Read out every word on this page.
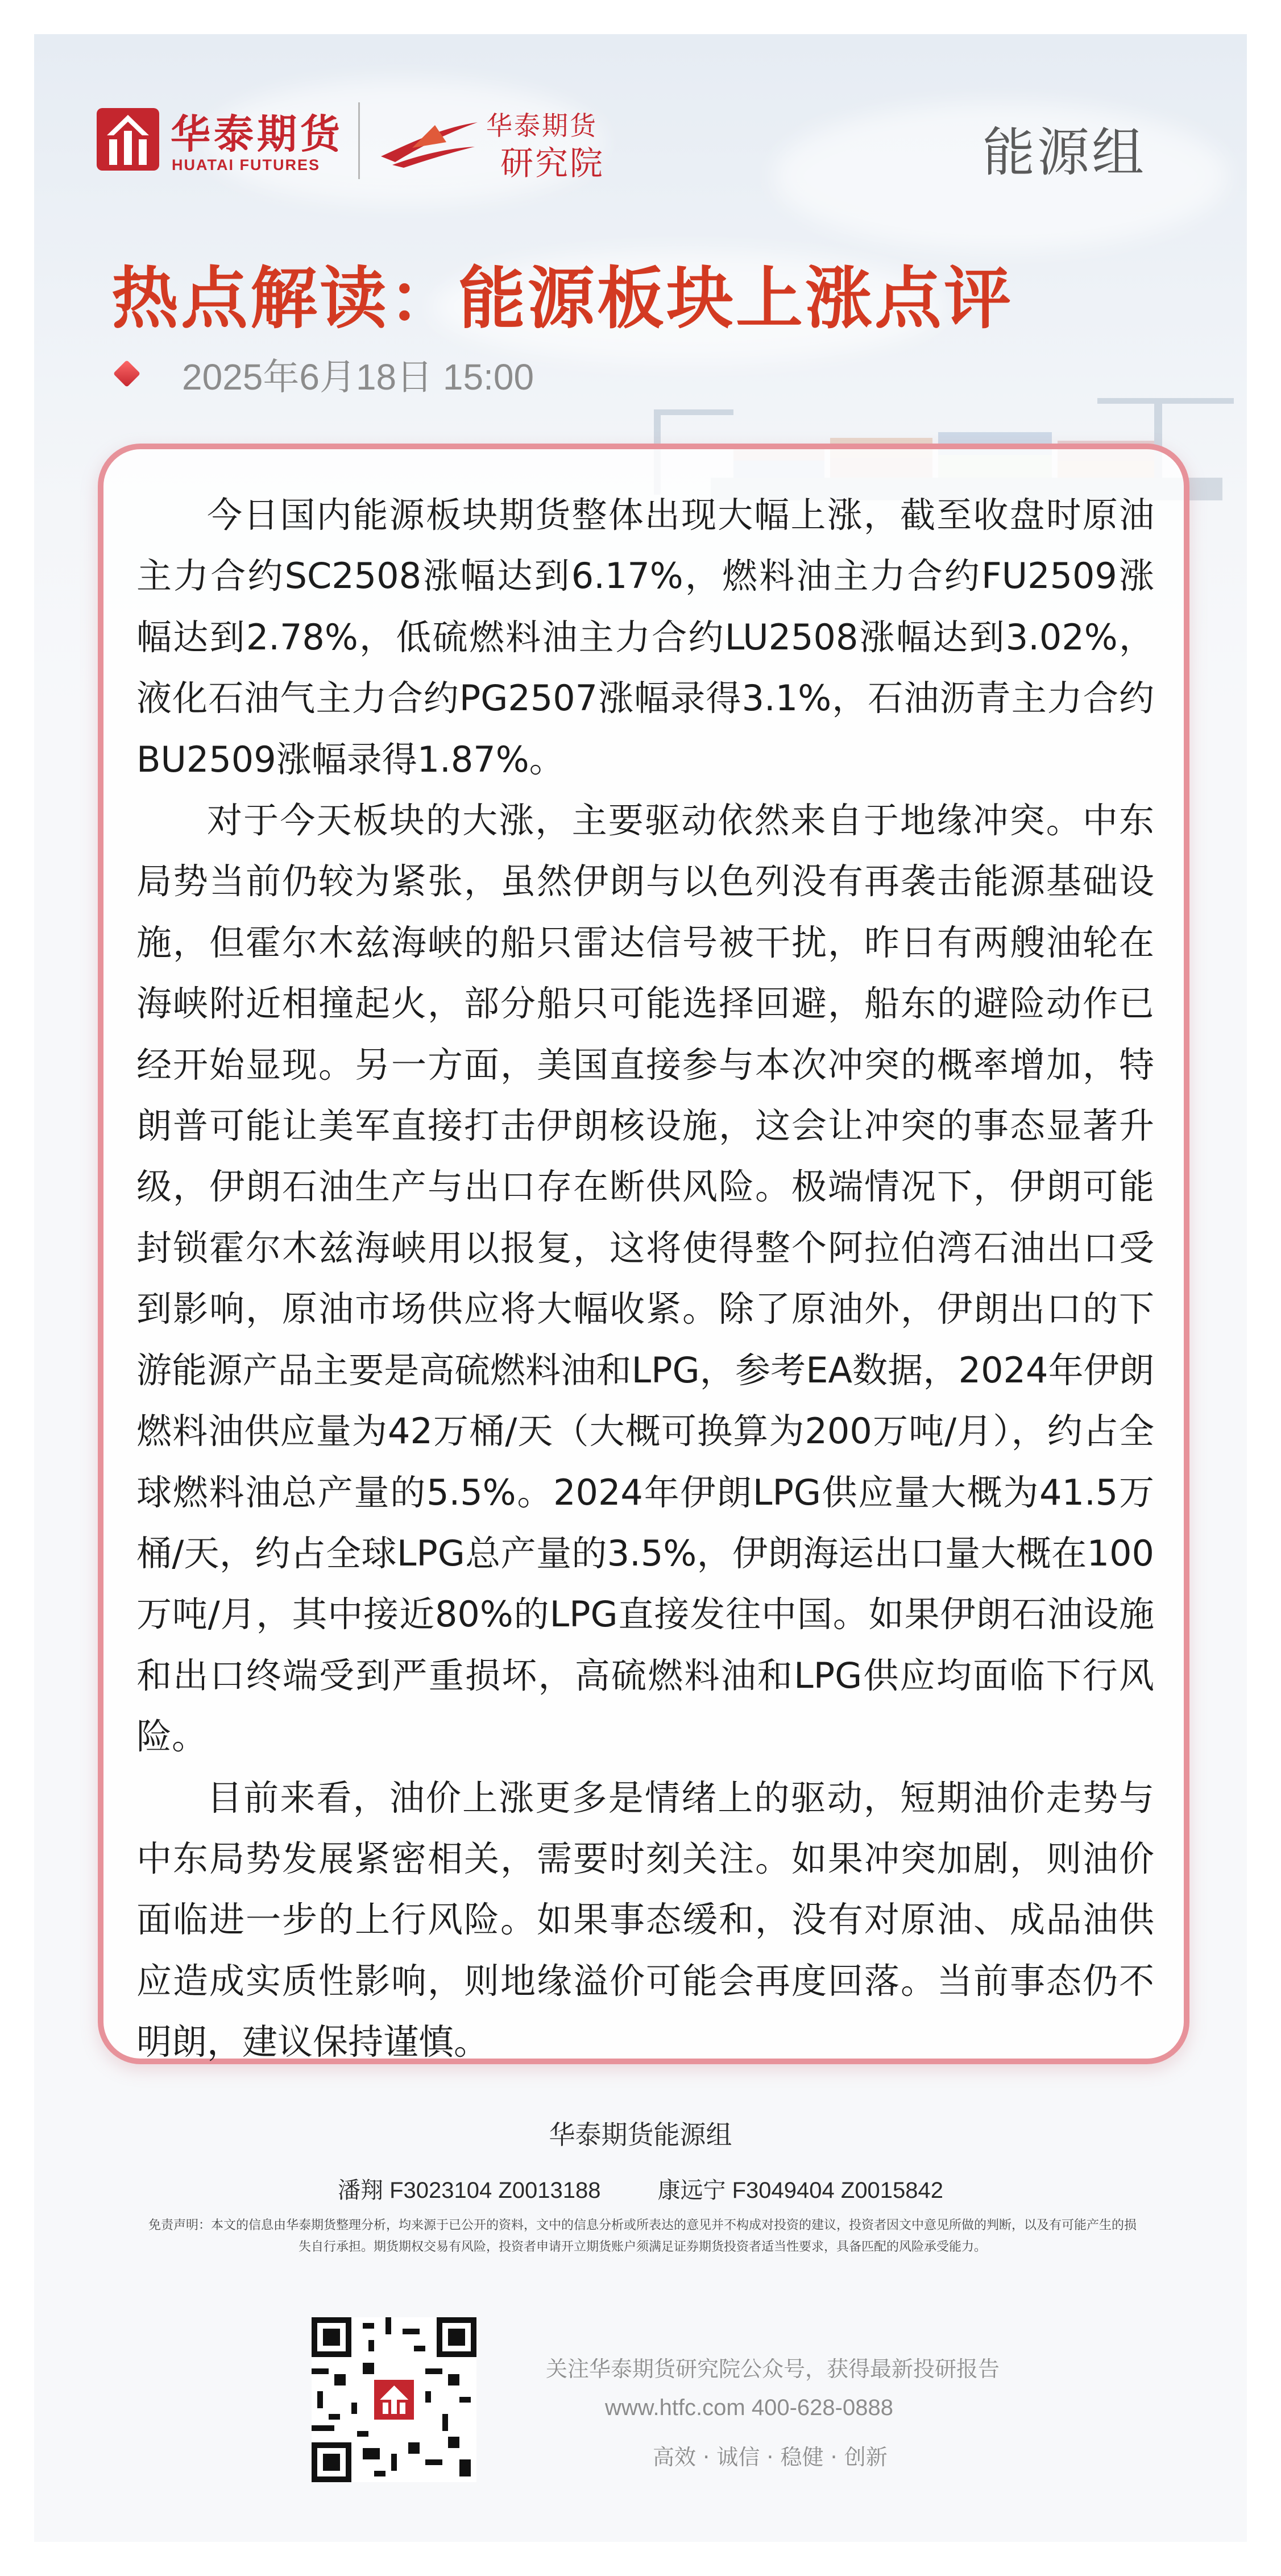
华泰期货
HUATAI FUTURES
华泰期货
研究院	能源组
热点解读：能源板块上涨点评
2025年6月18日 15:00

今日国内能源板块期货整体出现大幅上涨，截至收盘时原油主力合约SC2508涨幅达到6.17%，燃料油主力合约FU2509涨幅达到2.78%，低硫燃料油主力合约LU2508涨幅达到3.02%，液化石油气主力合约PG2507涨幅录得3.1%，石油沥青主力合约BU2509涨幅录得1.87%。

对于今天板块的大涨，主要驱动依然来自于地缘冲突。中东局势当前仍较为紧张，虽然伊朗与以色列没有再袭击能源基础设施，但霍尔木兹海峡的船只雷达信号被干扰，昨日有两艘油轮在海峡附近相撞起火，部分船只可能选择回避，船东的避险动作已经开始显现。另一方面，美国直接参与本次冲突的概率增加，特朗普可能让美军直接打击伊朗核设施，这会让冲突的事态显著升级，伊朗石油生产与出口存在断供风险。极端情况下，伊朗可能封锁霍尔木兹海峡用以报复，这将使得整个阿拉伯湾石油出口受到影响，原油市场供应将大幅收紧。除了原油外，伊朗出口的下游能源产品主要是高硫燃料油和LPG，参考EA数据，2024年伊朗燃料油供应量为42万桶/天（大概可换算为200万吨/月），约占全球燃料油总产量的5.5%。2024年伊朗LPG供应量大概为41.5万桶/天，约占全球LPG总产量的3.5%，伊朗海运出口量大概在100万吨/月，其中接近80%的LPG直接发往中国。如果伊朗石油设施和出口终端受到严重损坏，高硫燃料油和LPG供应均面临下行风险。

目前来看，油价上涨更多是情绪上的驱动，短期油价走势与中东局势发展紧密相关，需要时刻关注。如果冲突加剧，则油价面临进一步的上行风险。如果事态缓和，没有对原油、成品油供应造成实质性影响，则地缘溢价可能会再度回落。当前事态仍不明朗，建议保持谨慎。

华泰期货能源组
潘翔 F3023104 Z0013188	康远宁 F3049404 Z0015842
免责声明：本文的信息由华泰期货整理分析，均来源于已公开的资料，文中的信息分析或所表达的意见并不构成对投资的建议，投资者因文中意见所做的判断，以及有可能产生的损失自行承担。期货期权交易有风险，投资者申请开立期货账户须满足证券期货投资者适当性要求，具备匹配的风险承受能力。
关注华泰期货研究院公众号，获得最新投研报告
www.htfc.com 400-628-0888
高效 · 诚信 · 稳健 · 创新
